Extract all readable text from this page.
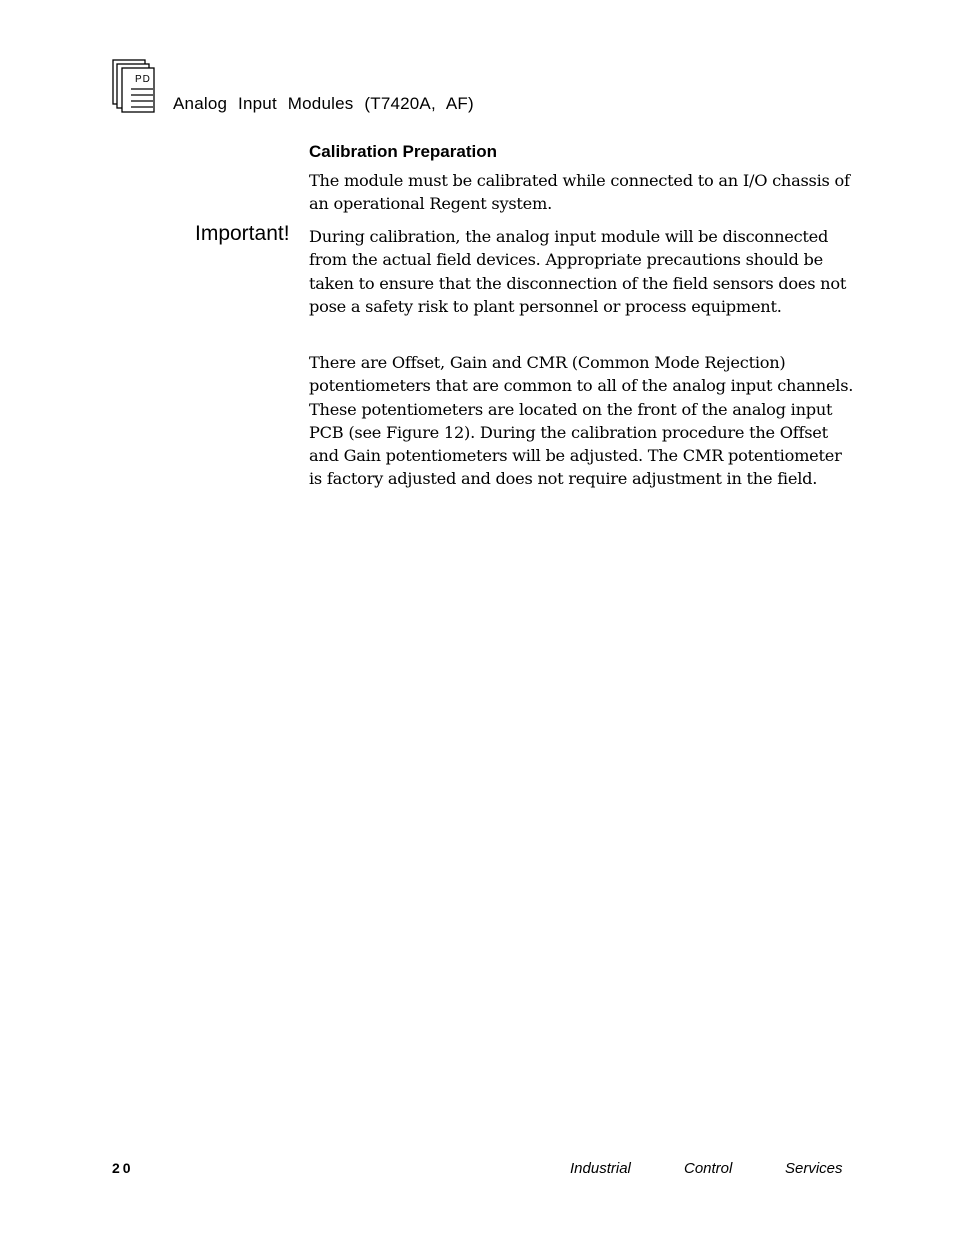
PD
Analog Input Modules (T7420A, AF)
Calibration Preparation

The module must be calibrated while connected to an I/O chassis of an operational Regent system.

Important! During calibration, the analog input module will be disconnected from the actual field devices. Appropriate precautions should be taken to ensure that the disconnection of the field sensors does not pose a safety risk to plant personnel or process equipment.

There are Offset, Gain and CMR (Common Mode Rejection) potentiometers that are common to all of the analog input channels. These potentiometers are located on the front of the analog input PCB (see Figure 12). During the calibration procedure the Offset and Gain potentiometers will be adjusted. The CMR potentiometer is factory adjusted and does not require adjustment in the field.

20	Industrial	Control	Services
